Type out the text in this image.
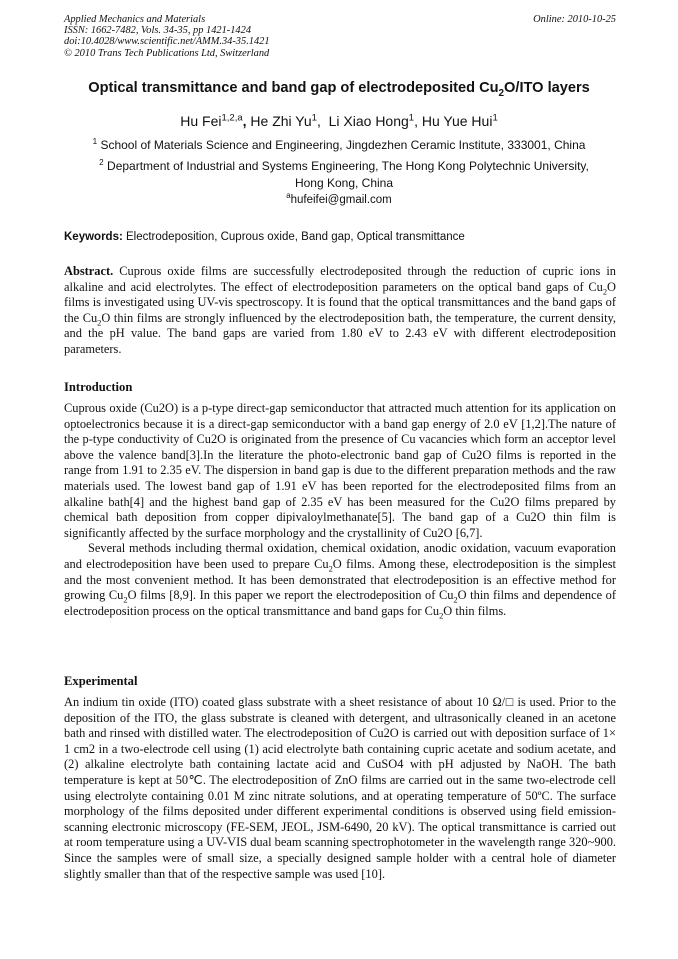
Applied Mechanics and Materials
ISSN: 1662-7482, Vols. 34-35, pp 1421-1424
doi:10.4028/www.scientific.net/AMM.34-35.1421
© 2010 Trans Tech Publications Ltd, Switzerland
Online: 2010-10-25
Optical transmittance and band gap of electrodeposited $Cu_2O$/ITO layers
Hu Fei$^{1,2,a}$, He Zhi Yu$^1$,  Li Xiao Hong$^1$, Hu Yue Hui$^1$
$^1$ School of Materials Science and Engineering, Jingdezhen Ceramic Institute, 333001, China
$^2$ Department of Industrial and Systems Engineering, The Hong Kong Polytechnic University, Hong Kong, China
$^a$hufeifei@gmail.com
Keywords: Electrodeposition, Cuprous oxide, Band gap, Optical transmittance
Abstract. Cuprous oxide films are successfully electrodeposited through the reduction of cupric ions in alkaline and acid electrolytes. The effect of electrodeposition parameters on the optical band gaps of $Cu_2O$ films is investigated using UV-vis spectroscopy. It is found that the optical transmittances and the band gaps of the $Cu_2O$ thin films are strongly influenced by the electrodeposition bath, the temperature, the current density, and the pH value. The band gaps are varied from 1.80 eV to 2.43 eV with different electrodeposition parameters.
Introduction
Cuprous oxide (Cu2O) is a p-type direct-gap semiconductor that attracted much attention for its application on optoelectronics because it is a direct-gap semiconductor with a band gap energy of 2.0 eV [1,2].The nature of the p-type conductivity of Cu2O is originated from the presence of Cu vacancies which form an acceptor level above the valence band[3].In the literature the photo-electronic band gap of Cu2O films is reported in the range from 1.91 to 2.35 eV. The dispersion in band gap is due to the different preparation methods and the raw materials used. The lowest band gap of 1.91 eV has been reported for the electrodeposited films from an alkaline bath[4] and the highest band gap of 2.35 eV has been measured for the Cu2O films prepared by chemical bath deposition from copper dipivaloylmethanate[5]. The band gap of a Cu2O thin film is significantly affected by the surface morphology and the crystallinity of Cu2O [6,7].
Several methods including thermal oxidation, chemical oxidation, anodic oxidation, vacuum evaporation and electrodeposition have been used to prepare $Cu_2O$ films. Among these, electrodeposition is the simplest and the most convenient method. It has been demonstrated that electrodeposition is an effective method for growing $Cu_2O$ films [8,9]. In this paper we report the electrodeposition of $Cu_2O$ thin films and dependence of electrodeposition process on the optical transmittance and band gaps for $Cu_2O$ thin films.
Experimental
An indium tin oxide (ITO) coated glass substrate with a sheet resistance of about 10 Ω/□ is used. Prior to the deposition of the ITO, the glass substrate is cleaned with detergent, and ultrasonically cleaned in an acetone bath and rinsed with distilled water. The electrodeposition of Cu2O is carried out with deposition surface of 1× 1 cm2 in a two-electrode cell using (1) acid electrolyte bath containing cupric acetate and sodium acetate, and (2) alkaline electrolyte bath containing lactate acid and CuSO4 with pH adjusted by NaOH. The bath temperature is kept at 50℃. The electrodeposition of ZnO films are carried out in the same two-electrode cell using electrolyte containing 0.01 M zinc nitrate solutions, and at operating temperature of 50ºC. The surface morphology of the films deposited under different experimental conditions is observed using field emission-scanning electronic microscopy (FE-SEM, JEOL, JSM-6490, 20 kV). The optical transmittance is carried out at room temperature using a UV-VIS dual beam scanning spectrophotometer in the wavelength range 320~900. Since the samples were of small size, a specially designed sample holder with a central hole of diameter slightly smaller than that of the respective sample was used [10].
